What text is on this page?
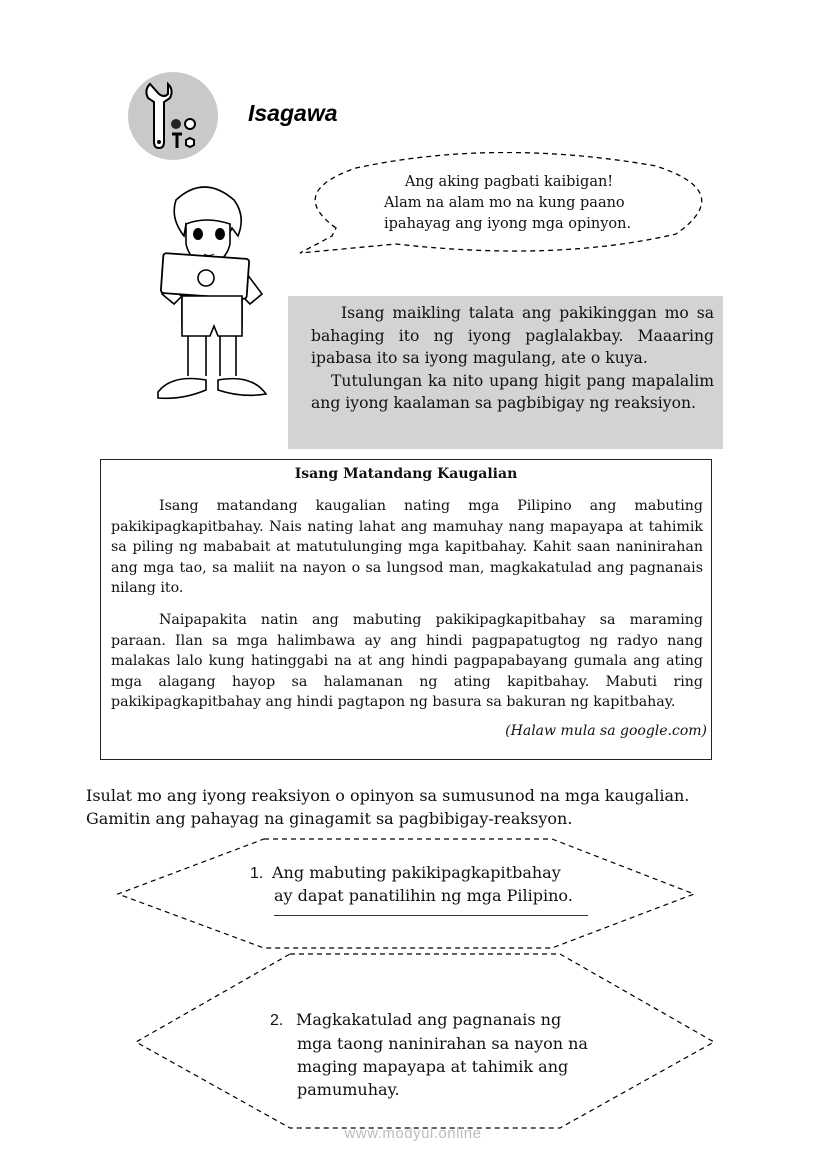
Isagawa
Ang aking pagbati kaibigan!
Alam na alam mo na kung paano
ipahayag ang iyong mga opinyon.

Isang maikling talata ang pakikinggan mo sa bahaging ito ng iyong paglalakbay. Maaaring ipabasa ito sa iyong magulang, ate o kuya.

Tutulungan ka nito upang higit pang mapalalim ang iyong kaalaman sa pagbibigay ng reaksiyon.

Isang Matandang Kaugalian

Isang matandang kaugalian nating mga Pilipino ang mabuting pakikipagkapitbahay. Nais nating lahat ang mamuhay nang mapayapa at tahimik sa piling ng mababait at matutulunging mga kapitbahay. Kahit saan naninirahan ang mga tao, sa maliit na nayon o sa lungsod man, magkakatulad ang pagnanais nilang ito.

Naipapakita natin ang mabuting pakikipagkapitbahay sa maraming paraan. Ilan sa mga halimbawa ay ang hindi pagpapatugtog ng radyo nang malakas lalo kung hatinggabi na at ang hindi pagpapabayang gumala ang ating mga alagang hayop sa halamanan ng ating kapitbahay. Mabuti ring pakikipagkapitbahay ang hindi pagtapon ng basura sa bakuran ng kapitbahay.

(Halaw mula sa google.com)
Isulat mo ang iyong reaksiyon o opinyon sa sumusunod na mga kaugalian.
Gamitin ang pahayag na ginagamit sa pagbibigay-reaksyon.
1. Ang mabuting pakikipagkapitbahay
ay dapat panatilihin ng mga Pilipino.
2. Magkakatulad ang pagnanais ng
mga taong naninirahan sa nayon na
maging mapayapa at tahimik ang
pamumuhay.
www.modyul.online
